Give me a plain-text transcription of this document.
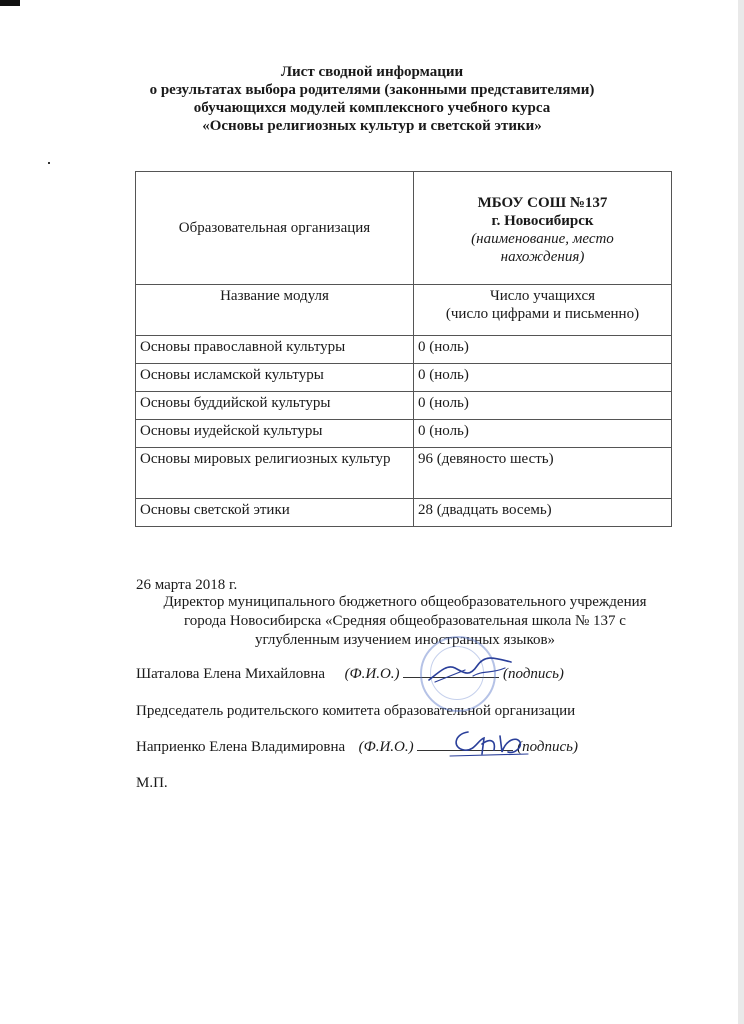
Лист сводной информации
о результатах выбора родителями (законными представителями)
обучающихся модулей комплексного учебного курса
«Основы религиозных культур и светской этики»
Образовательная организация	МБОУ СОШ №137
г. Новосибирск
(наименование, место
нахождения)

Название модуля	Число учащихся
(число цифрами и письменно)

Основы православной культуры	0 (ноль)
Основы исламской культуры	0 (ноль)
Основы буддийской культуры	0 (ноль)
Основы иудейской культуры	0 (ноль)
Основы мировых религиозных культур	96 (девяносто шесть)
Основы светской этики	28 (двадцать восемь)
26 марта 2018 г.
Директор муниципального бюджетного общеобразовательного учреждения
города Новосибирска «Средняя общеобразовательная школа № 137 с
углубленным изучением иностранных языков»
Шаталова Елена Михайловна (Ф.И.О.)	(подпись)
Председатель родительского комитета образовательной организации
Наприенко Елена Владимировна (Ф.И.О.)	(подпись)
М.П.
